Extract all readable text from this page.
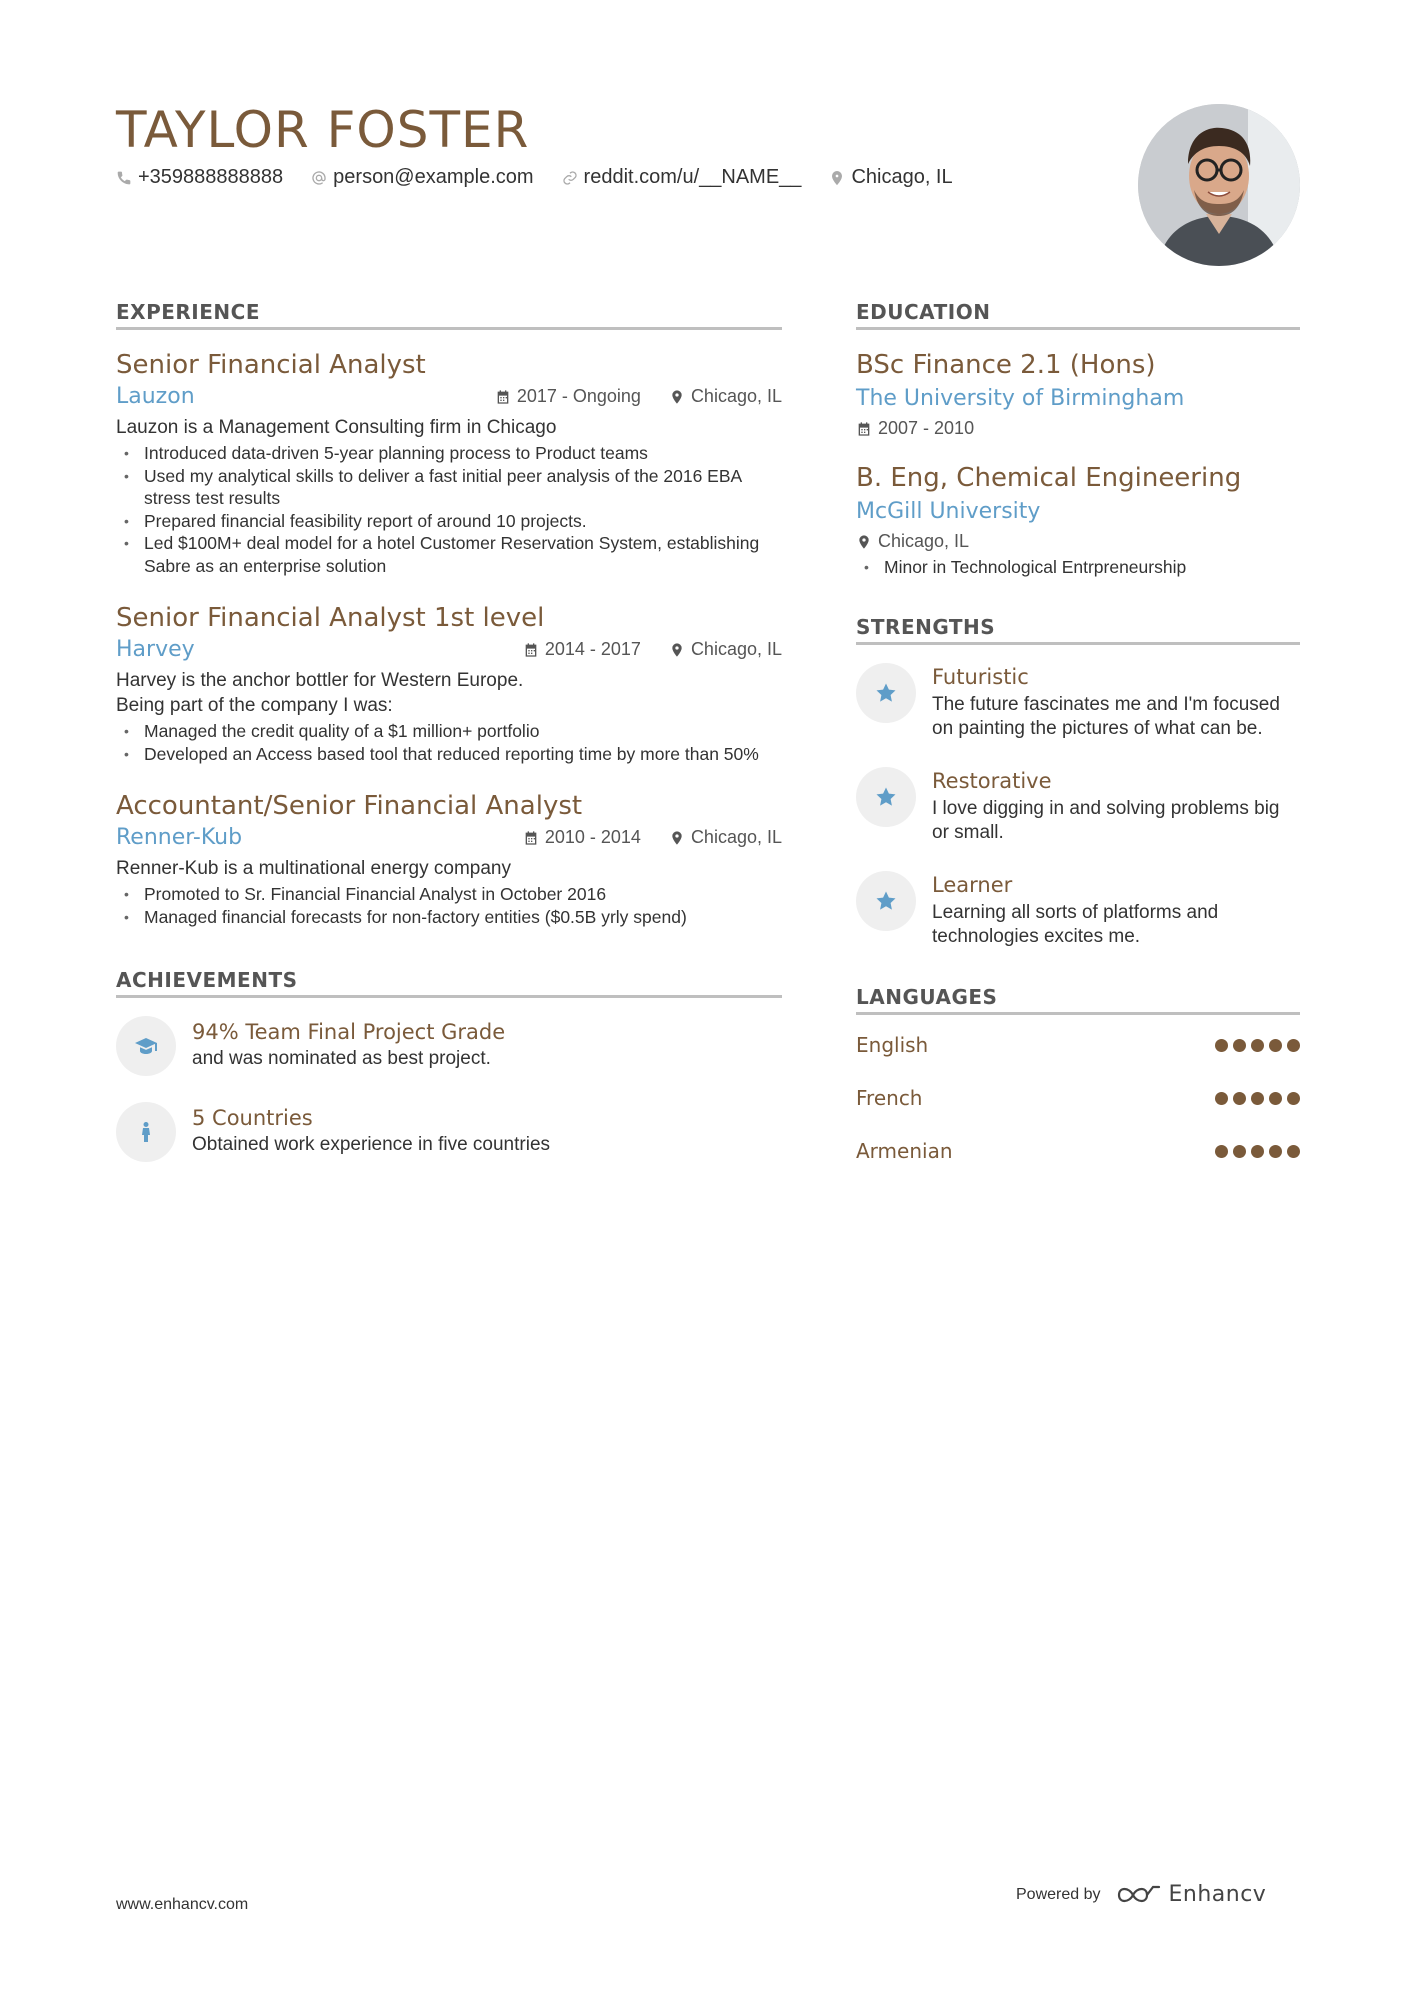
TAYLOR FOSTER
+359888888888	person@example.com	reddit.com/u/__NAME__	Chicago, IL
EXPERIENCE
Senior Financial Analyst
Lauzon	2017 - Ongoing	Chicago, IL
Lauzon is a Management Consulting firm in Chicago
• Introduced data-driven 5-year planning process to Product teams
• Used my analytical skills to deliver a fast initial peer analysis of the 2016 EBA stress test results
• Prepared financial feasibility report of around 10 projects.
• Led $100M+ deal model for a hotel Customer Reservation System, establishing Sabre as an enterprise solution
Senior Financial Analyst 1st level
Harvey	2014 - 2017	Chicago, IL
Harvey is the anchor bottler for Western Europe.
Being part of the company I was:
• Managed the credit quality of a $1 million+ portfolio
• Developed an Access based tool that reduced reporting time by more than 50%
Accountant/Senior Financial Analyst
Renner-Kub	2010 - 2014	Chicago, IL
Renner-Kub is a multinational energy company
• Promoted to Sr. Financial Financial Analyst in October 2016
• Managed financial forecasts for non-factory entities ($0.5B yrly spend)
ACHIEVEMENTS
94% Team Final Project Grade
and was nominated as best project.
5 Countries
Obtained work experience in five countries
EDUCATION
BSc Finance 2.1 (Hons)
The University of Birmingham
2007 - 2010
B. Eng, Chemical Engineering
McGill University
Chicago, IL
• Minor in Technological Entrpreneurship
STRENGTHS
Futuristic
The future fascinates me and I'm focused on painting the pictures of what can be.
Restorative
I love digging in and solving problems big or small.
Learner
Learning all sorts of platforms and technologies excites me.
LANGUAGES
English
French
Armenian
www.enhancv.com
Powered by	Enhancv
